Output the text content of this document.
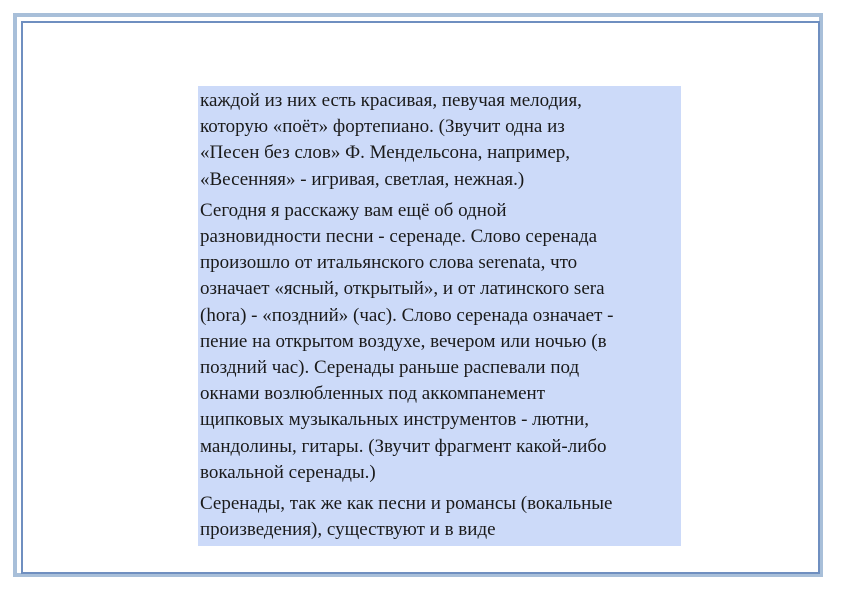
каждой из них есть красивая, певучая мелодия,
которую «поёт» фортепиано. (Звучит одна из
«Песен без слов» Ф. Мендельсона, например,
«Весенняя» - игривая, светлая, нежная.)

Сегодня я расскажу вам ещё об одной
разновидности песни - серенаде. Слово серенада
произошло от итальянского слова serenata, что
означает «ясный, открытый», и от латинского sera
(hora) - «поздний» (час). Слово серенада означает -
пение на открытом воздухе, вечером или ночью (в
поздний час). Серенады раньше распевали под
окнами возлюбленных под аккомпанемент
щипковых музыкальных инструментов - лютни,
мандолины, гитары. (Звучит фрагмент какой-либо
вокальной серенады.)

Серенады, так же как песни и романсы (вокальные
произведения), существуют и в виде
